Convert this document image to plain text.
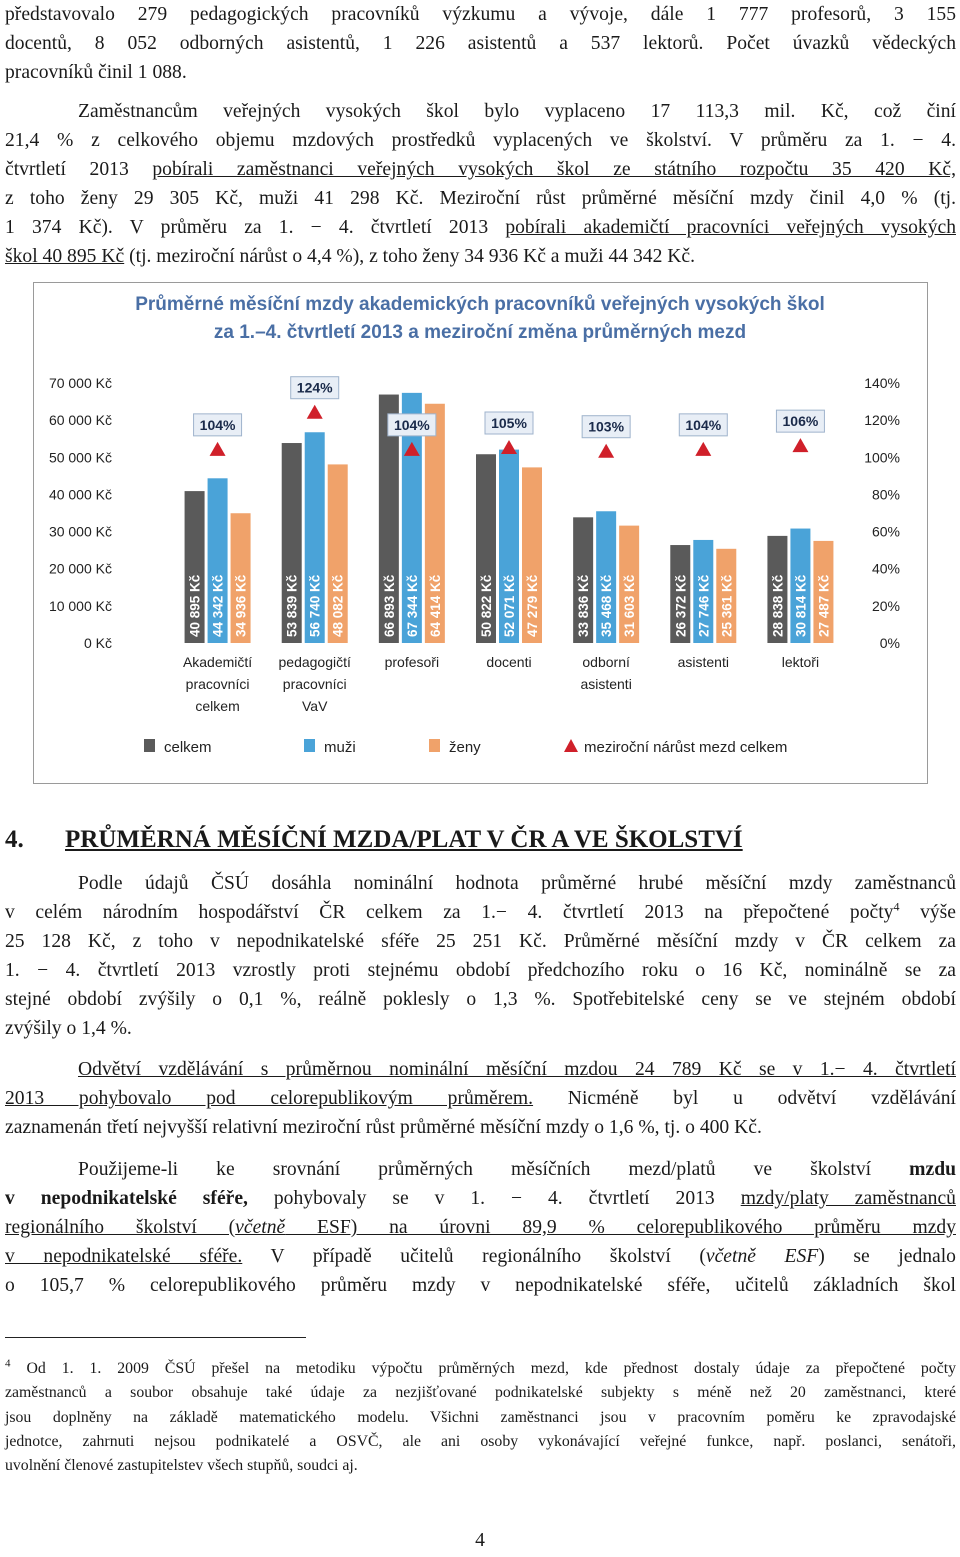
představovalo 279 pedagogických pracovníků výzkumu a vývoje, dále 1 777 profesorů, 3 155
docentů, 8 052 odborných asistentů, 1 226 asistentů a 537 lektorů. Počet úvazků vědeckých
pracovníků činil 1 088.
Zaměstnancům veřejných vysokých škol bylo vyplaceno 17 113,3 mil. Kč, což činí
21,4 % z celkového objemu mzdových prostředků vyplacených ve školství. V průměru za 1. − 4.
čtvrtletí 2013 pobírali zaměstnanci veřejných vysokých škol ze státního rozpočtu 35 420 Kč,
z toho ženy 29 305 Kč, muži 41 298 Kč. Meziroční růst průměrné měsíční mzdy činil 4,0 % (tj.
1 374 Kč). V průměru za 1. − 4. čtvrtletí 2013 pobírali akademičtí pracovníci veřejných vysokých
škol 40 895 Kč (tj. meziroční nárůst o 4,4 %), z toho ženy 34 936 Kč a muži 44 342 Kč.
Průměrné měsíční mzdy akademických pracovníků veřejných vysokých škol
za 1.–4. čtvrtletí 2013 a meziroční změna průměrných mezd
0 Kč
10 000 Kč
20 000 Kč
30 000 Kč
40 000 Kč
50 000 Kč
60 000 Kč
70 000 Kč
0%
20%
40%
60%
80%
100%
120%
140%
40 895 Kč 44 342 Kč 34 936 Kč
104%
Akademičtí
pracovníci
celkem
53 839 Kč 56 740 Kč 48 082 Kč
124%
pedagogičtí
pracovníci
VaV
66 893 Kč 67 344 Kč 64 414 Kč
104%
profesoři
50 822 Kč 52 071 Kč 47 279 Kč
105%
docenti
33 836 Kč 35 468 Kč 31 603 Kč
103%
odborní
asistenti
26 372 Kč 27 746 Kč 25 361 Kč
104%
asistenti
28 838 Kč 30 814 Kč 27 487 Kč
106%
lektoři
celkem	muži	ženy	meziroční nárůst mezd celkem
4. PRŮMĚRNÁ MĚSÍČNÍ MZDA/PLAT V ČR A VE ŠKOLSTVÍ
Podle údajů ČSÚ dosáhla nominální hodnota průměrné hrubé měsíční mzdy zaměstnanců
v celém národním hospodářství ČR celkem za 1.− 4. čtvrtletí 2013 na přepočtené počty$^4$ výše
25 128 Kč, z toho v nepodnikatelské sféře 25 251 Kč. Průměrné měsíční mzdy v ČR celkem za
1. − 4. čtvrtletí 2013 vzrostly proti stejnému období předchozího roku o 16 Kč, nominálně se za
stejné období zvýšily o 0,1 %, reálně poklesly o 1,3 %. Spotřebitelské ceny se ve stejném období
zvýšily o 1,4 %.
Odvětví vzdělávání s průměrnou nominální měsíční mzdou 24 789 Kč se v 1.− 4. čtvrtletí
2013 pohybovalo pod celorepublikovým průměrem. Nicméně byl u odvětví vzdělávání
zaznamenán třetí nejvyšší relativní meziroční růst průměrné měsíční mzdy o 1,6 %, tj. o 400 Kč.
Použijeme-li ke srovnání průměrných měsíčních mezd/platů ve školství mzdu
v nepodnikatelské sféře, pohybovaly se v 1. − 4. čtvrtletí 2013 mzdy/platy zaměstnanců
regionálního školství (včetně ESF) na úrovni 89,9 % celorepublikového průměru mzdy
v nepodnikatelské sféře. V případě učitelů regionálního školství (včetně ESF) se jednalo
o 105,7 % celorepublikového průměru mzdy v nepodnikatelské sféře, učitelů základních škol
$^4$ Od 1. 1. 2009 ČSÚ přešel na metodiku výpočtu průměrných mezd, kde přednost dostaly údaje za přepočtené počty
zaměstnanců a soubor obsahuje také údaje za nezjišťované podnikatelské subjekty s méně než 20 zaměstnanci, které
jsou doplněny na základě matematického modelu. Všichni zaměstnanci jsou v pracovním poměru ke zpravodajské
jednotce, zahrnuti nejsou podnikatelé a OSVČ, ale ani osoby vykonávající veřejné funkce, např. poslanci, senátoři,
uvolnění členové zastupitelstev všech stupňů, soudci aj.
4
